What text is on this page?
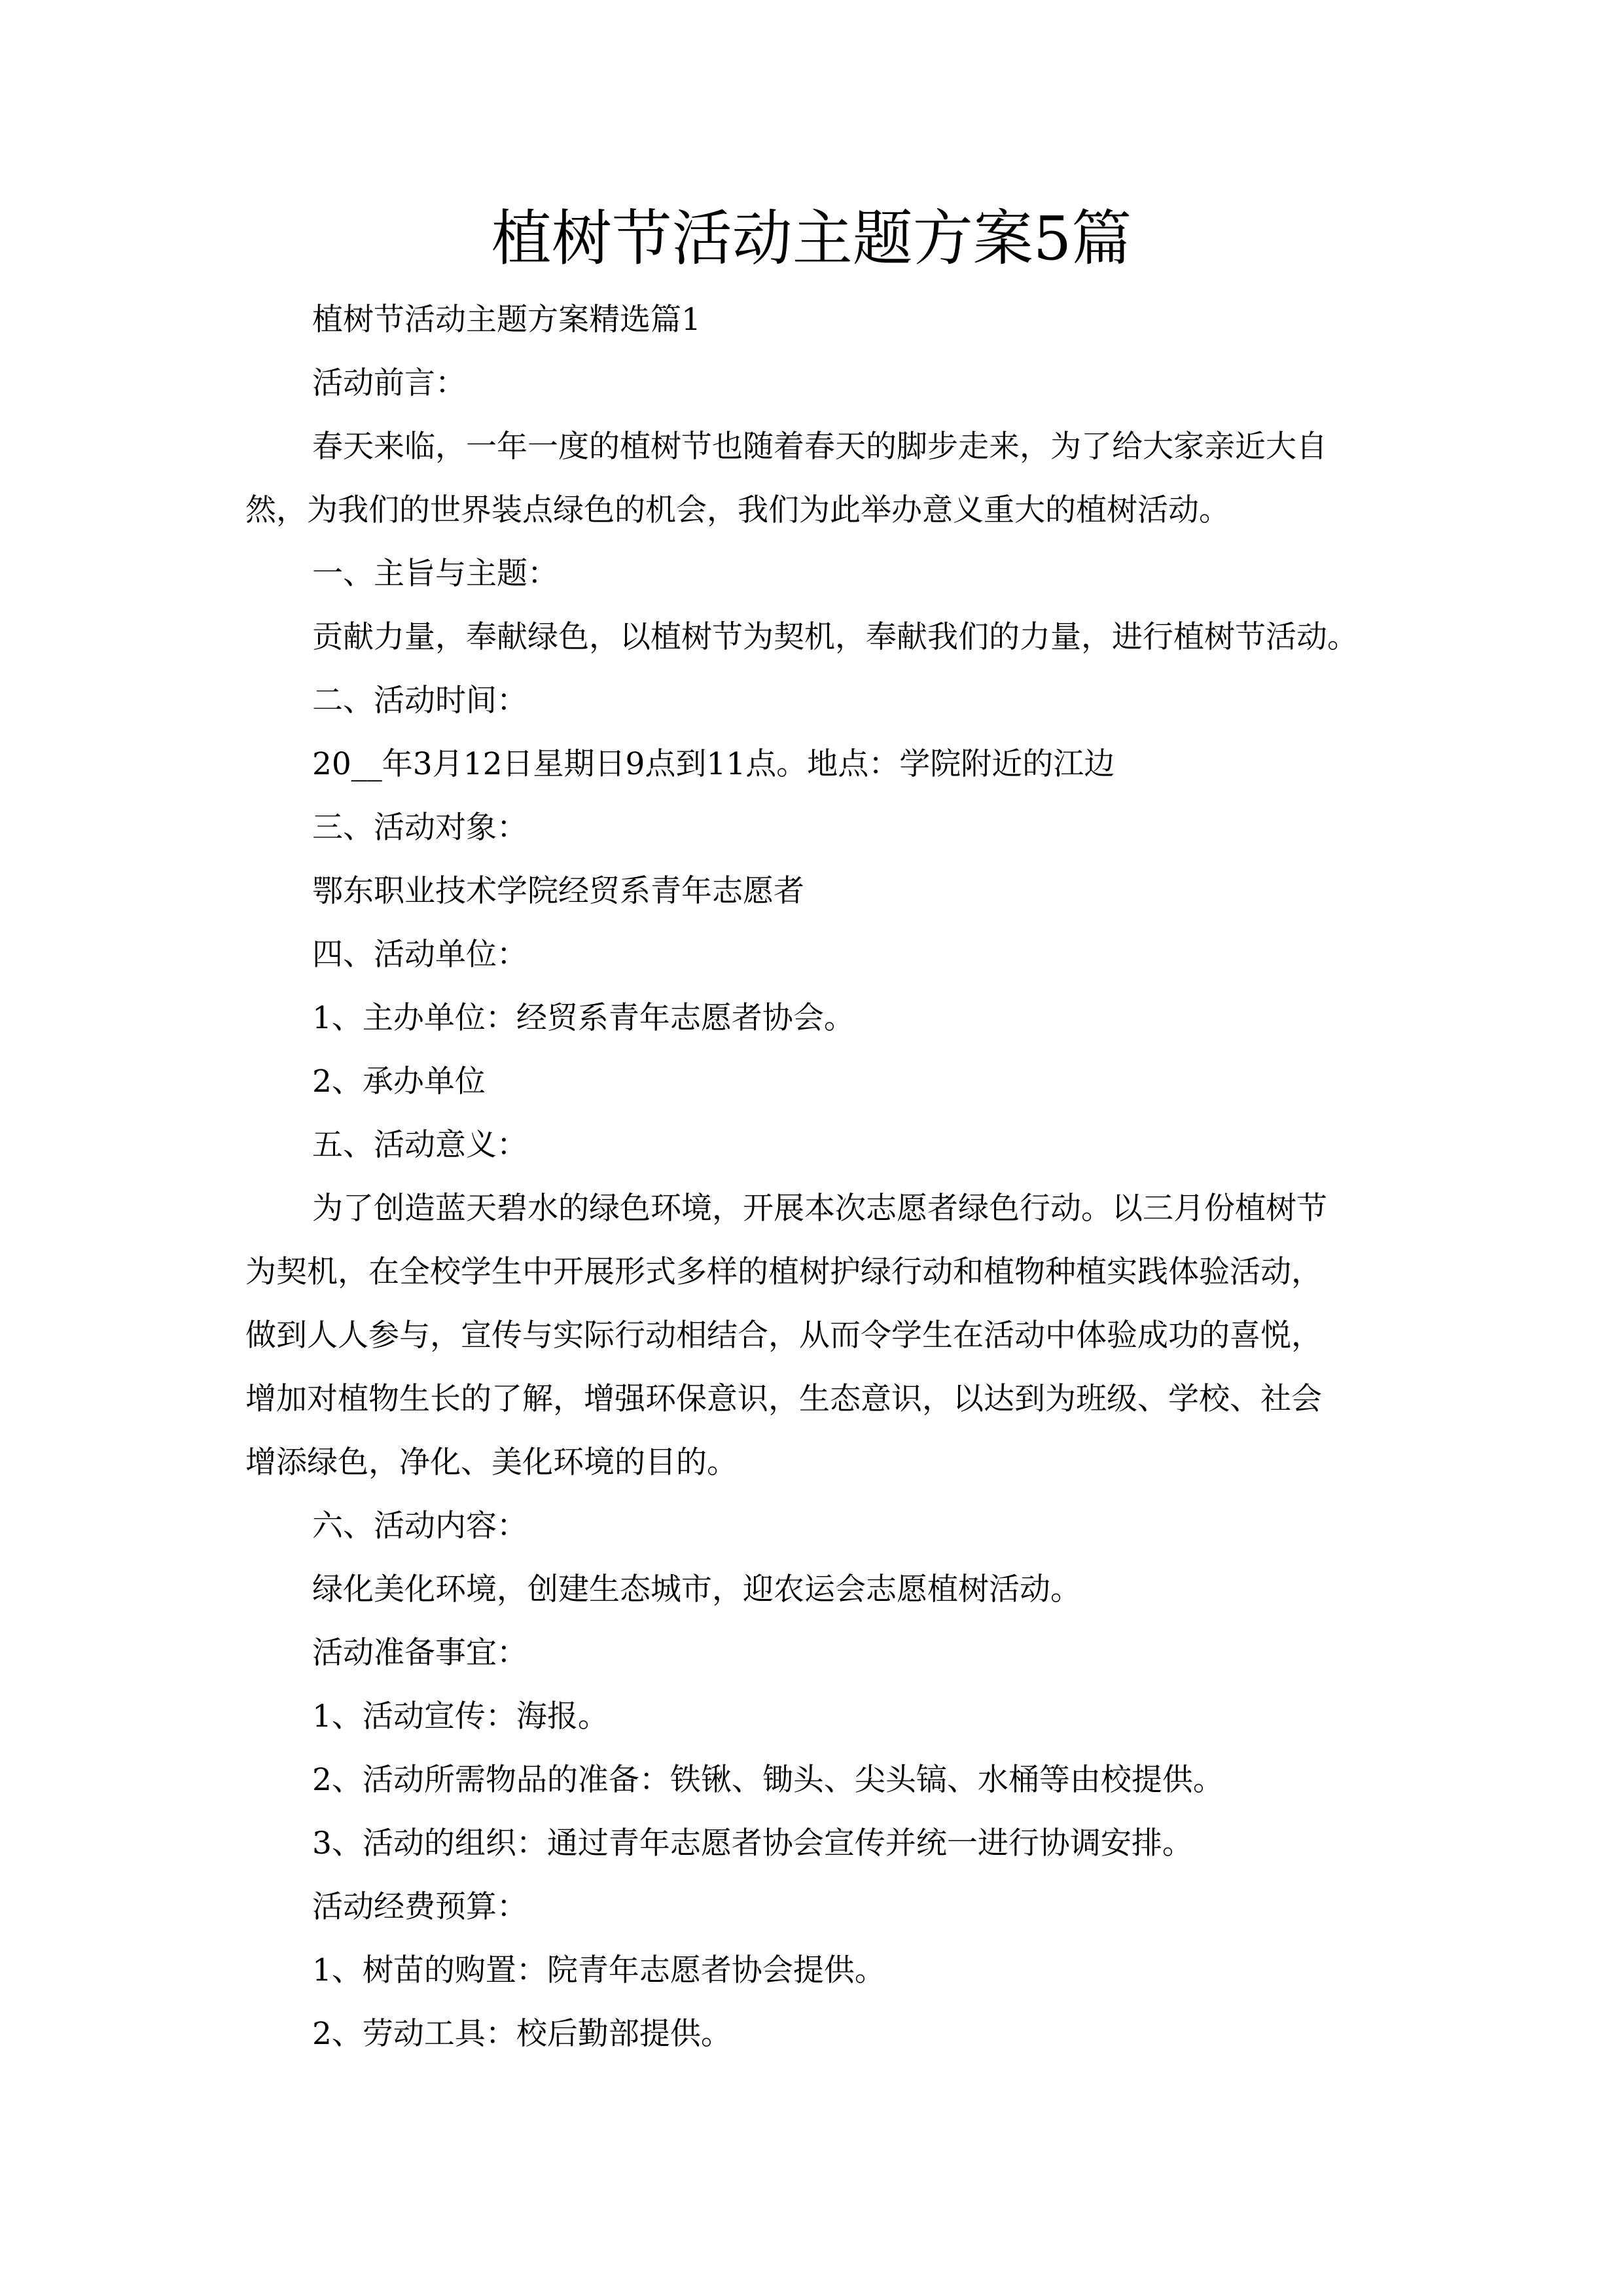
植树节活动主题方案5篇

植树节活动主题方案精选篇1

活动前言：

春天来临，一年一度的植树节也随着春天的脚步走来，为了给大家亲近大自
然，为我们的世界装点绿色的机会，我们为此举办意义重大的植树活动。

一、主旨与主题：

贡献力量，奉献绿色，以植树节为契机，奉献我们的力量，进行植树节活动。

二、活动时间：

20__年3月12日星期日9点到11点。地点：学院附近的江边

三、活动对象：

鄂东职业技术学院经贸系青年志愿者

四、活动单位：

1、主办单位：经贸系青年志愿者协会。

2、承办单位

五、活动意义：

为了创造蓝天碧水的绿色环境，开展本次志愿者绿色行动。以三月份植树节
为契机，在全校学生中开展形式多样的植树护绿行动和植物种植实践体验活动，
做到人人参与，宣传与实际行动相结合，从而令学生在活动中体验成功的喜悦，
增加对植物生长的了解，增强环保意识，生态意识，以达到为班级、学校、社会
增添绿色，净化、美化环境的目的。

六、活动内容：

绿化美化环境，创建生态城市，迎农运会志愿植树活动。

活动准备事宜：

1、活动宣传：海报。

2、活动所需物品的准备：铁锹、锄头、尖头镐、水桶等由校提供。

3、活动的组织：通过青年志愿者协会宣传并统一进行协调安排。

活动经费预算：

1、树苗的购置：院青年志愿者协会提供。

2、劳动工具：校后勤部提供。
